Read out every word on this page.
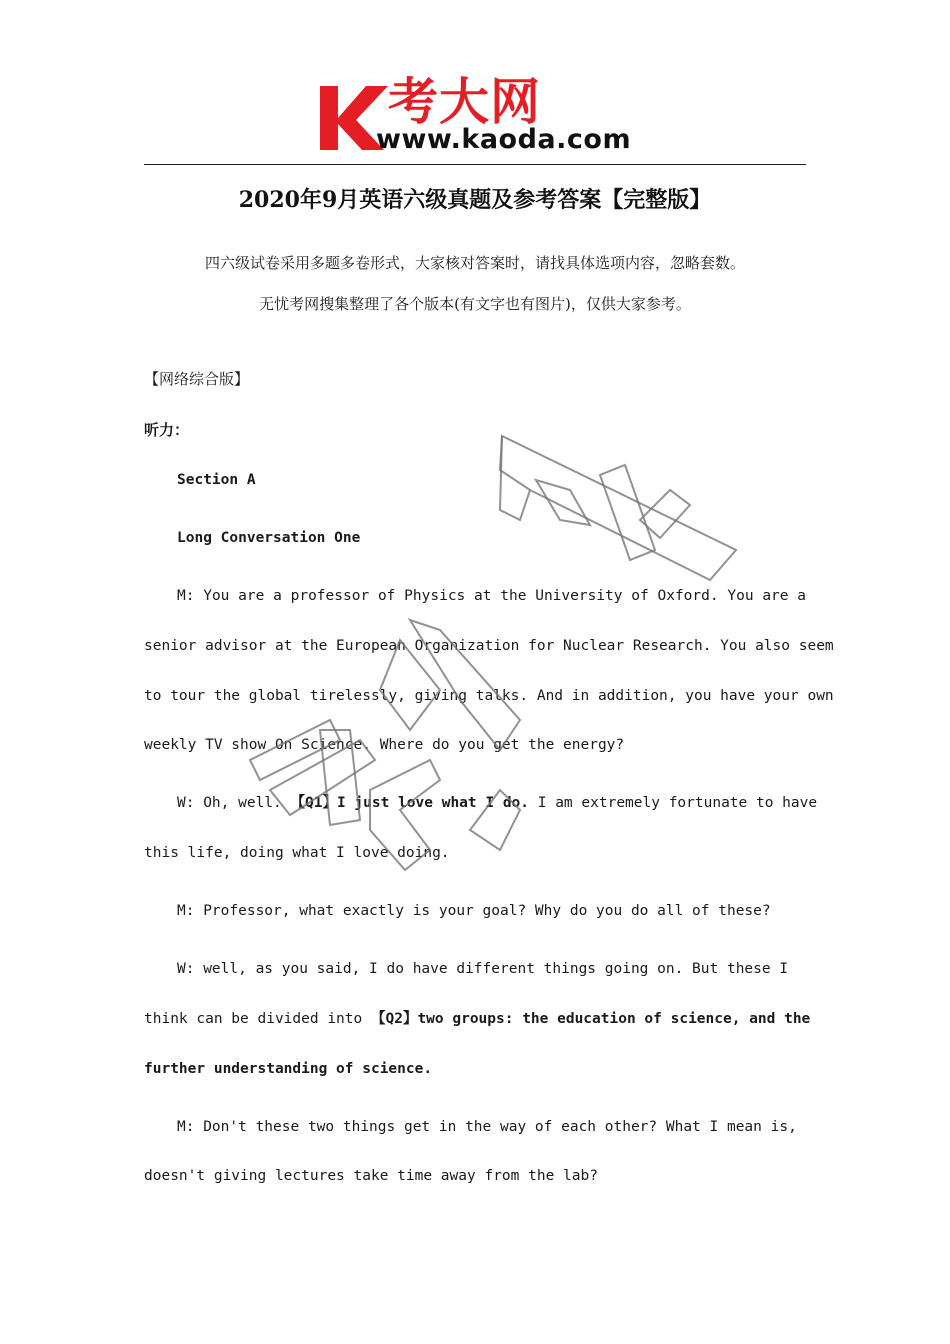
考大网
www.kaoda.com
2020年9月英语六级真题及参考答案【完整版】
四六级试卷采用多题多卷形式，大家核对答案时，请找具体选项内容，忽略套数。
无忧考网搜集整理了各个版本(有文字也有图片)，仅供大家参考。
【网络综合版】
听力：
Section A
Long Conversation One
M: You are a professor of Physics at the University of Oxford. You are a
senior advisor at the European Organization for Nuclear Research. You also seem
to tour the global tirelessly, giving talks. And in addition, you have your own
weekly TV show On Science. Where do you get the energy?
W: Oh, well. 【Q1】I just love what I do. I am extremely fortunate to have
this life, doing what I love doing.
M: Professor, what exactly is your goal? Why do you do all of these?
W: well, as you said, I do have different things going on. But these I
think can be divided into 【Q2】two groups: the education of science, and the
further understanding of science.
M: Don't these two things get in the way of each other? What I mean is,
doesn't giving lectures take time away from the lab?
